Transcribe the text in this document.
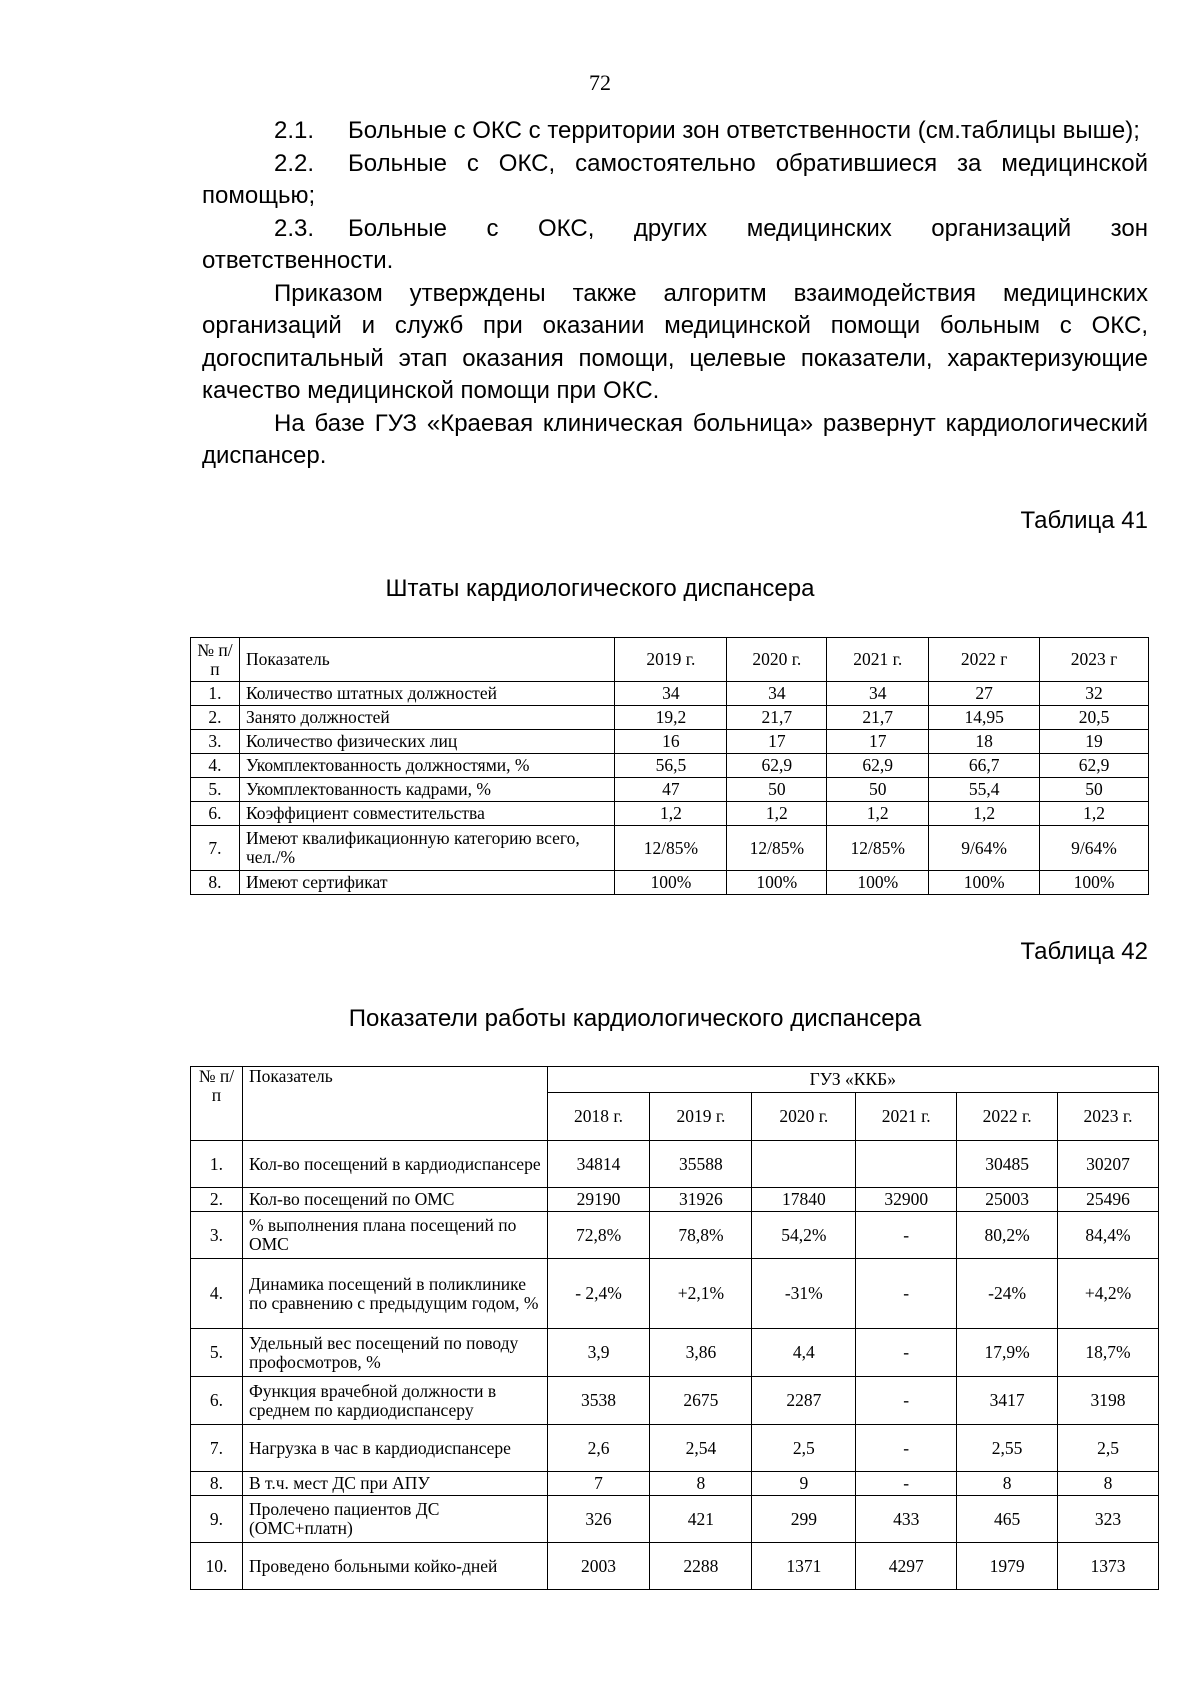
72

2.1. Больные с ОКС с территории зон ответственности (см.таблицы выше);

2.2. Больные с ОКС, самостоятельно обратившиеся за медицинской помощью;

2.3. Больные с ОКС, других медицинских организаций зон ответственности.

Приказом утверждены также алгоритм взаимодействия медицинских организаций и служб при оказании медицинской помощи больным с ОКС, догоспитальный этап оказания помощи, целевые показатели, характеризующие качество медицинской помощи при ОКС.

На базе ГУЗ «Краевая клиническая больница» развернут кардиологический диспансер.

Таблица 41
Штаты кардиологического диспансера
№ п/п	Показатель	2019 г.	2020 г.	2021 г.	2022 г	2023 г
1.	Количество штатных должностей	34	34	34	27	32
2.	Занято должностей	19,2	21,7	21,7	14,95	20,5
3.	Количество физических лиц	16	17	17	18	19
4.	Укомплектованность должностями, %	56,5	62,9	62,9	66,7	62,9
5.	Укомплектованность кадрами, %	47	50	50	55,4	50
6.	Коэффициент совместительства	1,2	1,2	1,2	1,2	1,2
7.	Имеют квалификационную категорию всего, чел./%	12/85%	12/85%	12/85%	9/64%	9/64%
8.	Имеют сертификат	100%	100%	100%	100%	100%
Таблица 42
Показатели работы кардиологического диспансера
№ п/п	Показатель	ГУЗ «ККБ»					
		2018 г.	2019 г.	2020 г.	2021 г.	2022 г.	2023 г.
1.	Кол-во посещений в кардиодиспансере	34814	35588			30485	30207
2.	Кол-во посещений по ОМС	29190	31926	17840	32900	25003	25496
3.	% выполнения плана посещений по ОМС	72,8%	78,8%	54,2%	-	80,2%	84,4%
4.	Динамика посещений в поликлинике по сравнению с предыдущим годом, %	- 2,4%	+2,1%	-31%	-	-24%	+4,2%
5.	Удельный вес посещений по поводу профосмотров, %	3,9	3,86	4,4	-	17,9%	18,7%
6.	Функция врачебной должности в среднем по кардиодиспансеру	3538	2675	2287	-	3417	3198
7.	Нагрузка в час в кардиодиспансере	2,6	2,54	2,5	-	2,55	2,5
8.	В т.ч. мест ДС при АПУ	7	8	9	-	8	8
9.	Пролечено пациентов ДС (ОМС+платн)	326	421	299	433	465	323
10.	Проведено больными койко-дней	2003	2288	1371	4297	1979	1373
